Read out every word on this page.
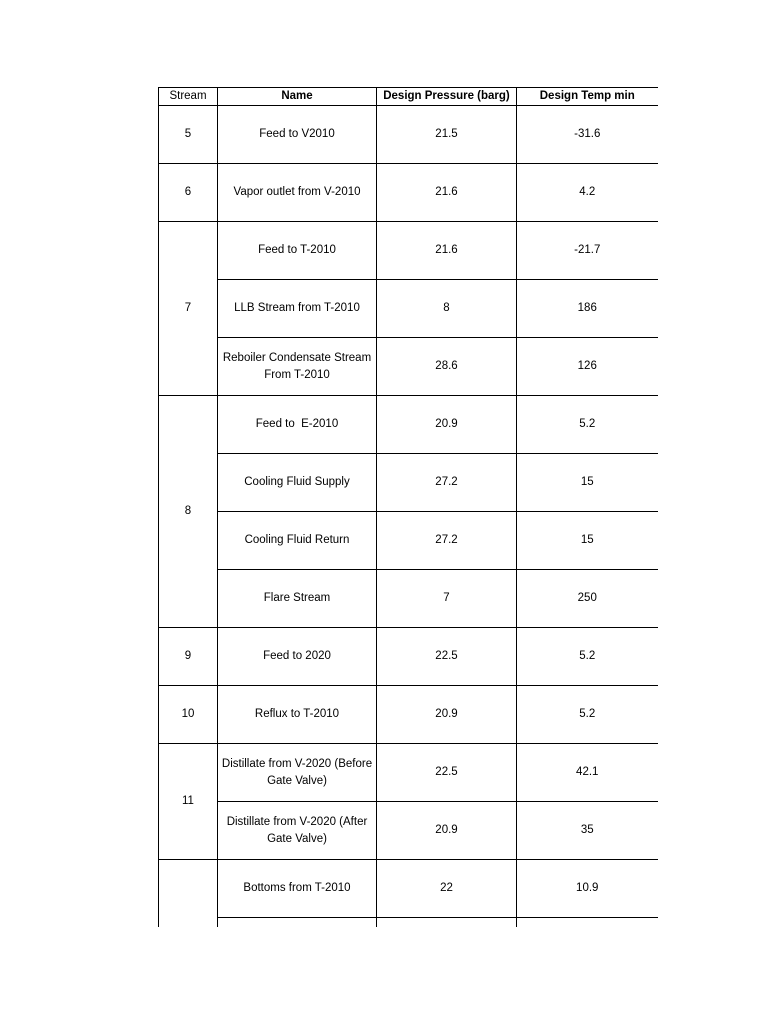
Stream	Name	Design Pressure (barg)	Design Temp min
5	Feed to V2010	21.5	-31.6
6	Vapor outlet from V-2010	21.6	4.2
7	Feed to T-2010	21.6	-21.7
	LLB Stream from T-2010	8	186
	Reboiler Condensate Stream From T-2010	28.6	126
8	Feed to  E-2010	20.9	5.2
	Cooling Fluid Supply	27.2	15
	Cooling Fluid Return	27.2	15
	Flare Stream	7	250
9	Feed to 2020	22.5	5.2
10	Reflux to T-2010	20.9	5.2
11	Distillate from V-2020 (Before Gate Valve)	22.5	42.1
	Distillate from V-2020 (After Gate Valve)	20.9	35
	Bottoms from T-2010	22	10.9
